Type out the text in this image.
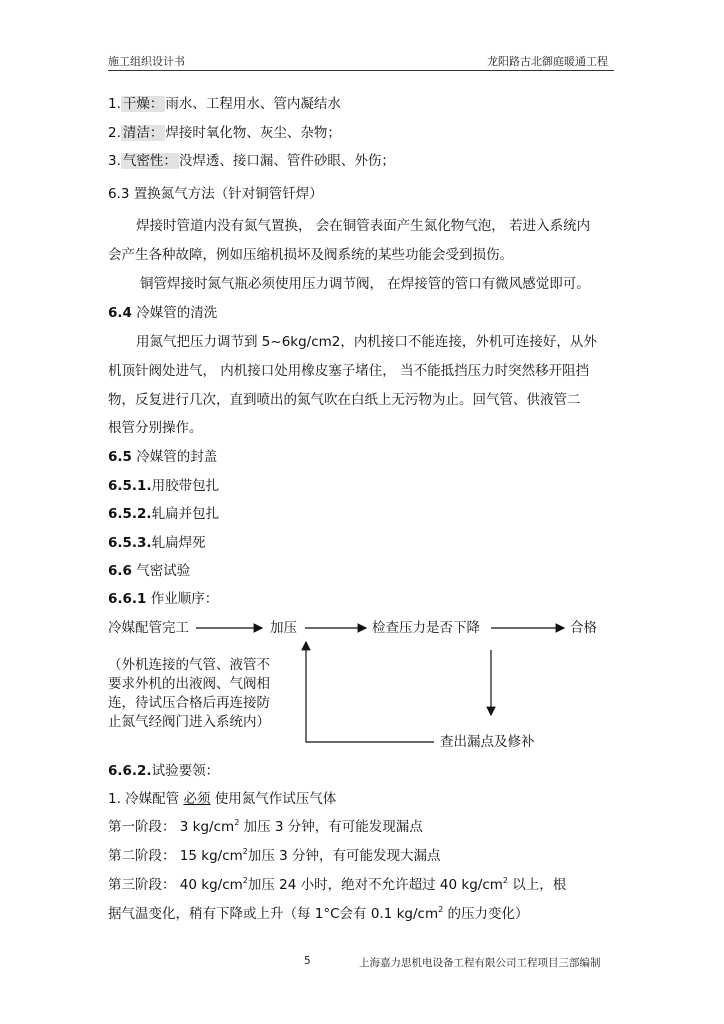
施工组织设计书	龙阳路古北御庭暖通工程
1. 干燥： 雨水、工程用水、管内凝结水
2. 清洁： 焊接时氧化物、灰尘、杂物；
3. 气密性： 没焊透、接口漏、管件砂眼、外伤；
6.3 置换氮气方法（针对铜管钎焊）
焊接时管道内没有氮气置换， 会在铜管表面产生氮化物气泡， 若进入系统内
会产生各种故障，例如压缩机损坏及阀系统的某些功能会受到损伤。
铜管焊接时氮气瓶必须使用压力调节阀， 在焊接管的管口有微风感觉即可。
6.4 冷媒管的清洗
用氮气把压力调节到 5~6kg/cm2，内机接口不能连接，外机可连接好，从外
机顶针阀处进气， 内机接口处用橡皮塞子堵住， 当不能抵挡压力时突然移开阻挡
物，反复进行几次，直到喷出的氮气吹在白纸上无污物为止。回气管、供液管二
根管分别操作。
6.5 冷媒管的封盖
6.5.1.用胶带包扎
6.5.2.轧扁并包扎
6.5.3.轧扁焊死
6.6 气密试验
6.6.1 作业顺序：
冷媒配管完工	加压	检查压力是否下降	合格
查出漏点及修补
（外机连接的气管、液管不
要求外机的出液阀、气阀相
连，待试压合格后再连接防
止氮气经阀门进入系统内）
6.6.2.试验要领：
1. 冷媒配管 必须 使用氮气作试压气体
第一阶段： 3 $kg/cm^2$ 加压 3 分钟，有可能发现漏点
第二阶段： 15 $kg/cm^2$加压 3 分钟，有可能发现大漏点
第三阶段： 40 $kg/cm^2$加压 24 小时，绝对不允许超过 40 $kg/cm^2$ 以上，根
据气温变化，稍有下降或上升（每 1°C会有 0.1 $kg/cm^2$ 的压力变化）
5	上海嘉力思机电设备工程有限公司工程项目三部编制
